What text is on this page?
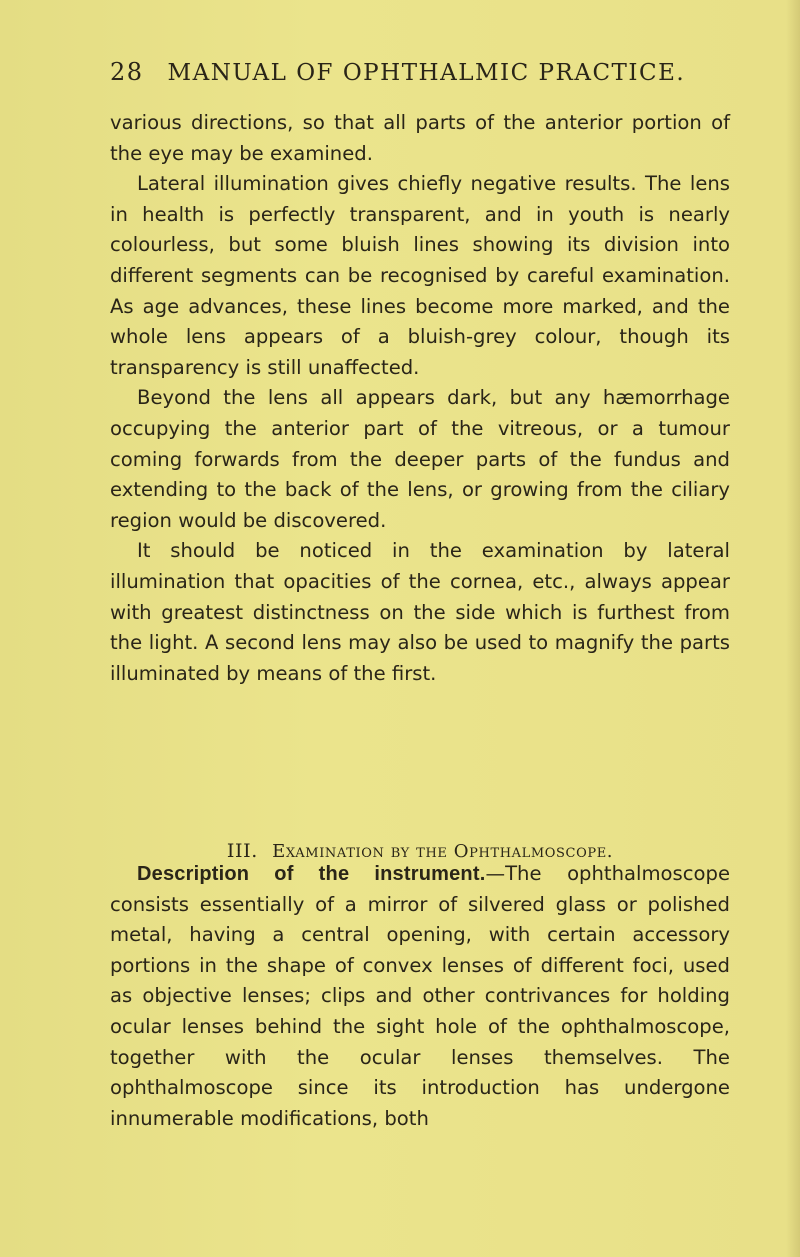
28 MANUAL OF OPHTHALMIC PRACTICE.

various directions, so that all parts of the anterior portion of the eye may be examined.

Lateral illumination gives chiefly negative results. The lens in health is perfectly transparent, and in youth is nearly colourless, but some bluish lines showing its division into different segments can be recognised by careful examination. As age advances, these lines become more marked, and the whole lens appears of a bluish-grey colour, though its transparency is still unaffected.

Beyond the lens all appears dark, but any hæmorrhage occupying the anterior part of the vitreous, or a tumour coming forwards from the deeper parts of the fundus and extending to the back of the lens, or growing from the ciliary region would be discovered.

It should be noticed in the examination by lateral illumination that opacities of the cornea, etc., always appear with greatest distinctness on the side which is furthest from the light. A second lens may also be used to magnify the parts illuminated by means of the first.

III. Examination by the Ophthalmoscope.

Description of the instrument.—The ophthalmoscope consists essentially of a mirror of silvered glass or polished metal, having a central opening, with certain accessory portions in the shape of convex lenses of different foci, used as objective lenses; clips and other contrivances for holding ocular lenses behind the sight hole of the ophthalmoscope, together with the ocular lenses themselves. The ophthalmoscope since its introduction has undergone innumerable modifications, both
